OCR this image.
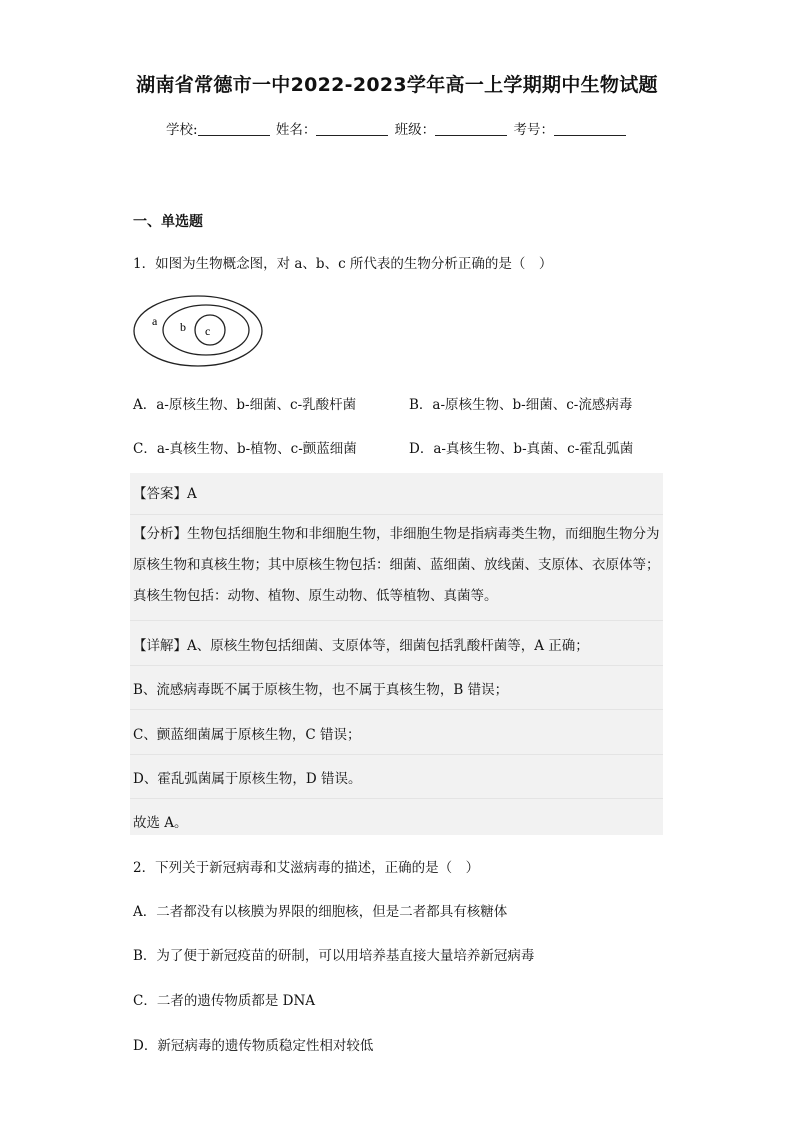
湖南省常德市一中2022-2023学年高一上学期期中生物试题
学校:	姓名：	班级：	考号：
一、单选题
1．如图为生物概念图，对 a、b、c 所代表的生物分析正确的是（　）
a b c
A．a-原核生物、b-细菌、c-乳酸杆菌	B．a-原核生物、b-细菌、c-流感病毒
C．a-真核生物、b-植物、c-颤蓝细菌	D．a-真核生物、b-真菌、c-霍乱弧菌
【答案】A
【分析】生物包括细胞生物和非细胞生物，非细胞生物是指病毒类生物，而细胞生物分为原核生物和真核生物；其中原核生物包括：细菌、蓝细菌、放线菌、支原体、衣原体等；真核生物包括：动物、植物、原生动物、低等植物、真菌等。
【详解】A、原核生物包括细菌、支原体等，细菌包括乳酸杆菌等，A 正确；
B、流感病毒既不属于原核生物，也不属于真核生物，B 错误；
C、颤蓝细菌属于原核生物，C 错误；
D、霍乱弧菌属于原核生物，D 错误。
故选 A。
2．下列关于新冠病毒和艾滋病毒的描述，正确的是（　）
A．二者都没有以核膜为界限的细胞核，但是二者都具有核糖体
B．为了便于新冠疫苗的研制，可以用培养基直接大量培养新冠病毒
C．二者的遗传物质都是 DNA
D．新冠病毒的遗传物质稳定性相对较低
